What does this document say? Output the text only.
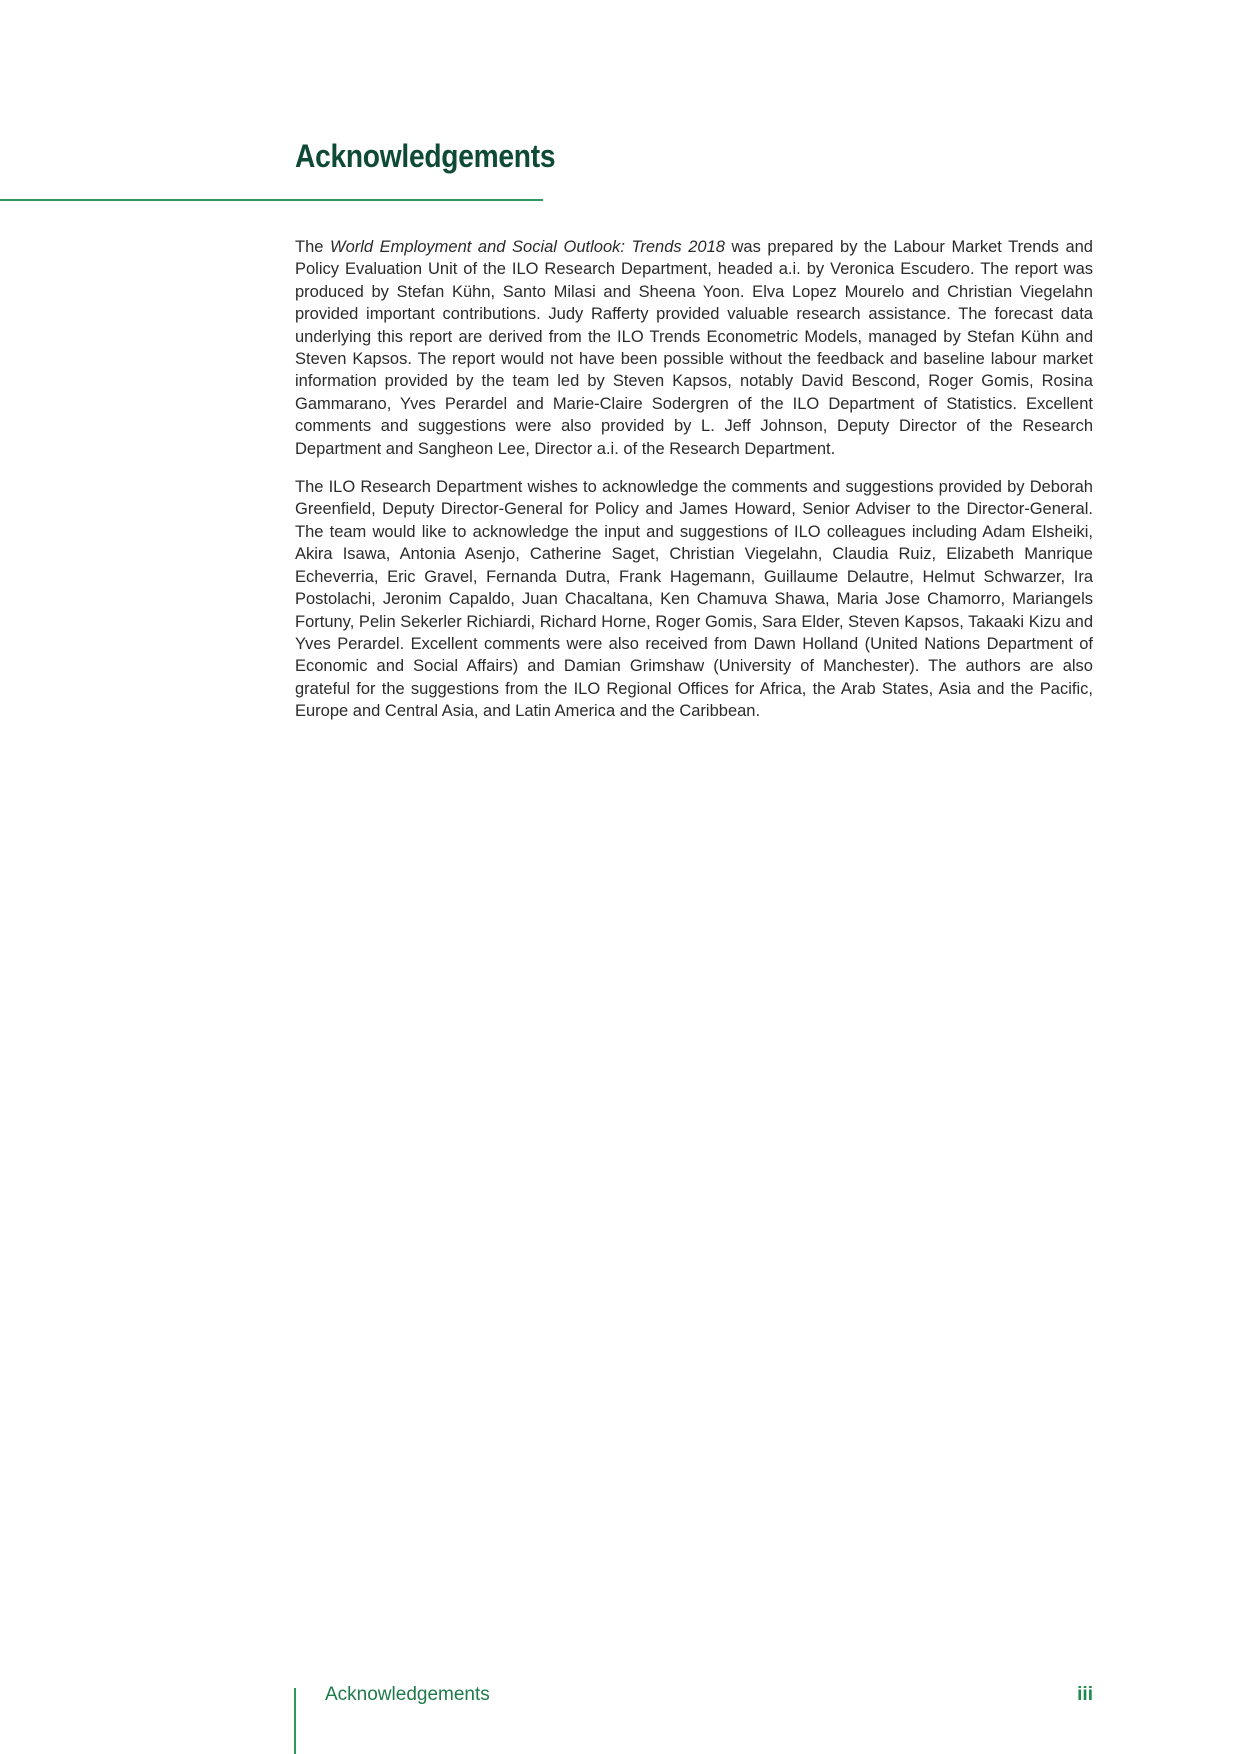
Acknowledgements

The World Employment and Social Outlook: Trends 2018 was prepared by the Labour Market Trends and Policy Evaluation Unit of the ILO Research Department, headed a.i. by Veronica Escudero. The report was produced by Stefan Kühn, Santo Milasi and Sheena Yoon. Elva Lopez Mourelo and Christian Viegelahn provided important contributions. Judy Rafferty provided valuable research assistance. The forecast data underlying this report are derived from the ILO Trends Econometric Models, managed by Stefan Kühn and Steven Kapsos. The report would not have been possible without the feedback and baseline labour market information provided by the team led by Steven Kapsos, notably David Bescond, Roger Gomis, Rosina Gammarano, Yves Perardel and Marie-Claire Sodergren of the ILO Department of Statistics. Excellent comments and suggestions were also provided by L. Jeff Johnson, Deputy Director of the Research Department and Sangheon Lee, Director a.i. of the Research Department.

The ILO Research Department wishes to acknowledge the comments and suggestions provided by Deborah Greenfield, Deputy Director-General for Policy and James Howard, Senior Adviser to the Director-General. The team would like to acknowledge the input and suggestions of ILO colleagues including Adam Elsheiki, Akira Isawa, Antonia Asenjo, Catherine Saget, Christian Viegelahn, Claudia Ruiz, Elizabeth Manrique Echeverria, Eric Gravel, Fernanda Dutra, Frank Hagemann, Guillaume Delautre, Helmut Schwarzer, Ira Postolachi, Jeronim Capaldo, Juan Chacaltana, Ken Chamuva Shawa, Maria Jose Chamorro, Mariangels Fortuny, Pelin Sekerler Richiardi, Richard Horne, Roger Gomis, Sara Elder, Steven Kapsos, Takaaki Kizu and Yves Perardel. Excellent comments were also received from Dawn Holland (United Nations Department of Economic and Social Affairs) and Damian Grimshaw (University of Manchester). The authors are also grateful for the suggestions from the ILO Regional Offices for Africa, the Arab States, Asia and the Pacific, Europe and Central Asia, and Latin America and the Caribbean.

Acknowledgements	iii
